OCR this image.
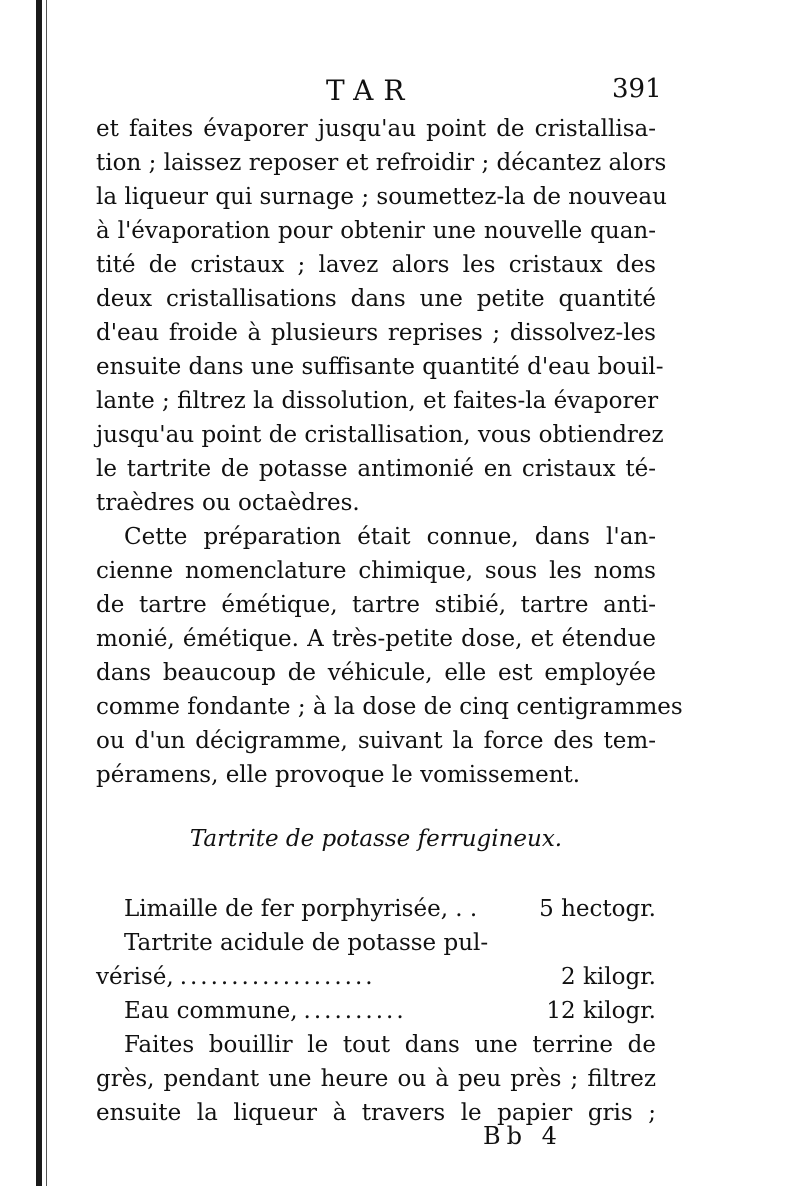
TAR	391
et faites évaporer jusqu'au point de cristallisa-
tion ; laissez reposer et refroidir ; décantez alors
la liqueur qui surnage ; soumettez-la de nouveau
à l'évaporation pour obtenir une nouvelle quan-
tité de cristaux ; lavez alors les cristaux des
deux cristallisations dans une petite quantité
d'eau froide à plusieurs reprises ; dissolvez-les
ensuite dans une suffisante quantité d'eau bouil-
lante ; filtrez la dissolution, et faites-la évaporer
jusqu'au point de cristallisation, vous obtiendrez
le tartrite de potasse antimonié en cristaux té-
traèdres ou octaèdres.
Cette préparation était connue, dans l'an-
cienne nomenclature chimique, sous les noms
de tartre émétique, tartre stibié, tartre anti-
monié, émétique. A très-petite dose, et étendue
dans beaucoup de véhicule, elle est employée
comme fondante ; à la dose de cinq centigrammes
ou d'un décigramme, suivant la force des tem-
péramens, elle provoque le vomissement.
Tartrite de potasse ferrugineux.
Limaille de fer porphyrisée, . .	5 hectogr.
Tartrite acidule de potasse pul-
vérisé, ...................	2 kilogr.
Eau commune, ..........	12 kilogr.
Faites bouillir le tout dans une terrine de
grès, pendant une heure ou à peu près ; filtrez
ensuite la liqueur à travers le papier gris ;
Bb 4
